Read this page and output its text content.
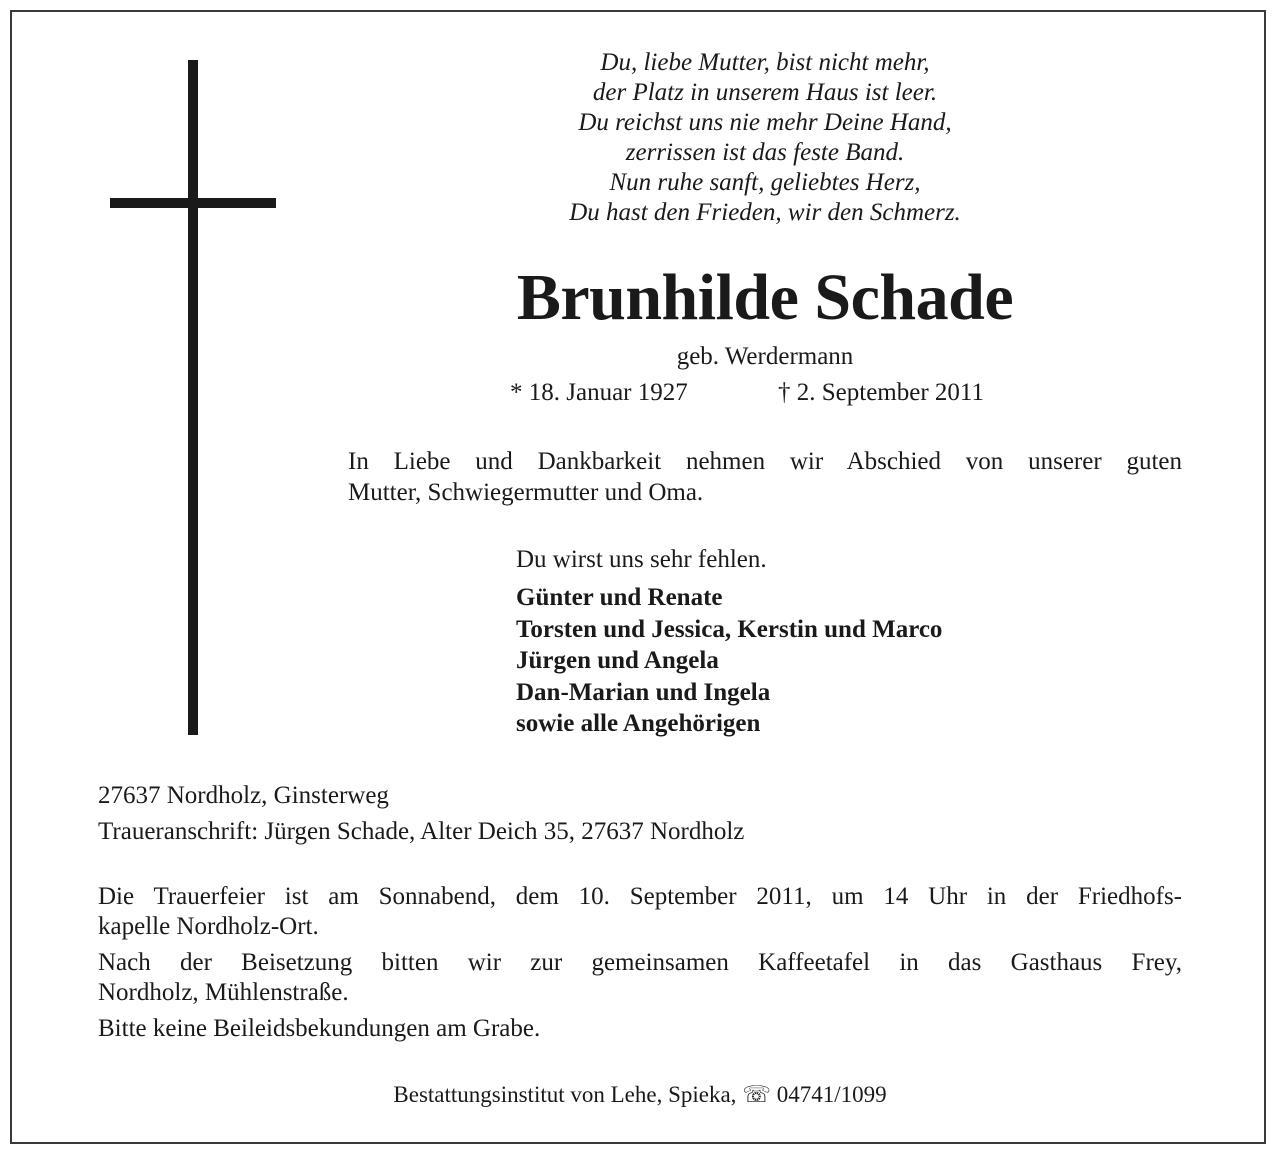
Du, liebe Mutter, bist nicht mehr,
der Platz in unserem Haus ist leer.
Du reichst uns nie mehr Deine Hand,
zerrissen ist das feste Band.
Nun ruhe sanft, geliebtes Herz,
Du hast den Frieden, wir den Schmerz.
Brunhilde Schade
geb. Werdermann
* 18. Januar 1927	† 2. September 2011
In Liebe und Dankbarkeit nehmen wir Abschied von unserer guten
Mutter, Schwiegermutter und Oma.
Du wirst uns sehr fehlen.
Günter und Renate
Torsten und Jessica, Kerstin und Marco
Jürgen und Angela
Dan-Marian und Ingela
sowie alle Angehörigen
27637 Nordholz, Ginsterweg
Traueranschrift: Jürgen Schade, Alter Deich 35, 27637 Nordholz
Die Trauerfeier ist am Sonnabend, dem 10. September 2011, um 14 Uhr in der Friedhofs-
kapelle Nordholz-Ort.
Nach der Beisetzung bitten wir zur gemeinsamen Kaffeetafel in das Gasthaus Frey,
Nordholz, Mühlenstraße.
Bitte keine Beileidsbekundungen am Grabe.
Bestattungsinstitut von Lehe, Spieka, ☏ 04741/1099
